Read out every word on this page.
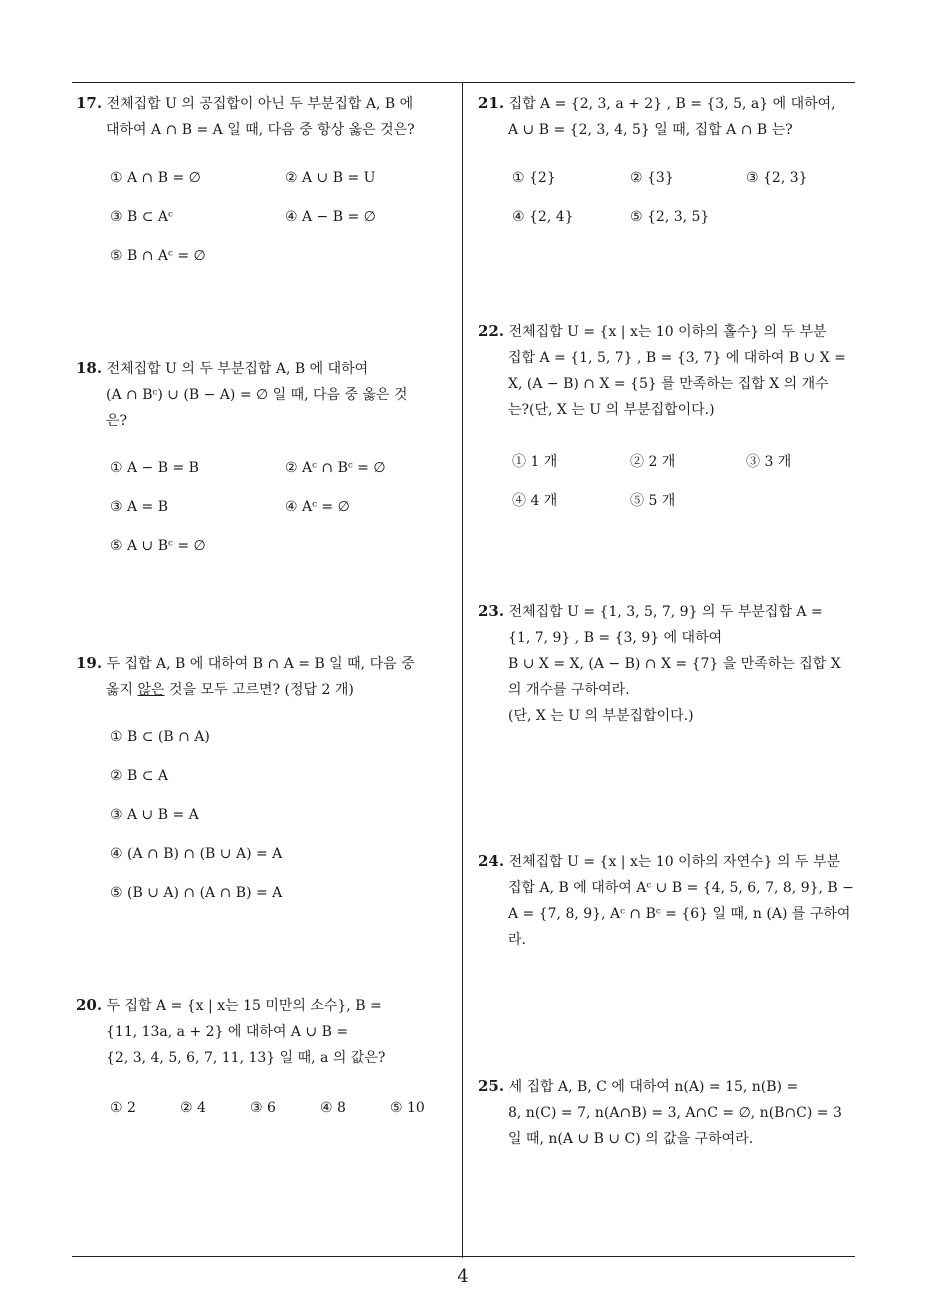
17. 전체집합 U 의 공집합이 아닌 두 부분집합 A, B 에
대하여 A ∩ B = A 일 때, 다음 중 항상 옳은 것은?
① A ∩ B = ∅	② A ∪ B = U
③ B ⊂ Aᶜ	④ A − B = ∅
⑤ B ∩ Aᶜ = ∅
18. 전체집합 U 의 두 부분집합 A, B 에 대하여
(A ∩ Bᶜ) ∪ (B − A) = ∅ 일 때, 다음 중 옳은 것
은?
① A − B = B	② Aᶜ ∩ Bᶜ = ∅
③ A = B	④ Aᶜ = ∅
⑤ A ∪ Bᶜ = ∅
19. 두 집합 A, B 에 대하여 B ∩ A = B 일 때, 다음 중
옳지 않은 것을 모두 고르면? (정답 2 개)
① B ⊂ (B ∩ A)
② B ⊂ A
③ A ∪ B = A
④ (A ∩ B) ∩ (B ∪ A) = A
⑤ (B ∪ A) ∩ (A ∩ B) = A
20. 두 집합 A = {x | x는 15 미만의 소수}, B =
{11, 13a, a + 2} 에 대하여 A ∪ B =
{2, 3, 4, 5, 6, 7, 11, 13} 일 때, a 의 값은?
① 2	② 4	③ 6	④ 8	⑤ 10
21. 집합 A = {2, 3, a + 2} , B = {3, 5, a} 에 대하여,
A ∪ B = {2, 3, 4, 5} 일 때, 집합 A ∩ B 는?
① {2}	② {3}	③ {2, 3}
④ {2, 4}	⑤ {2, 3, 5}
22. 전체집합 U = {x | x는 10 이하의 홀수} 의 두 부분
집합 A = {1, 5, 7} , B = {3, 7} 에 대하여 B ∪ X =
X, (A − B) ∩ X = {5} 를 만족하는 집합 X 의 개수
는?(단, X 는 U 의 부분집합이다.)
① 1 개	② 2 개	③ 3 개
④ 4 개	⑤ 5 개
23. 전체집합 U = {1, 3, 5, 7, 9} 의 두 부분집합 A =
{1, 7, 9} , B = {3, 9} 에 대하여
B ∪ X = X, (A − B) ∩ X = {7} 을 만족하는 집합 X
의 개수를 구하여라.
(단, X 는 U 의 부분집합이다.)
24. 전체집합 U = {x | x는 10 이하의 자연수} 의 두 부분
집합 A, B 에 대하여 Aᶜ ∪ B = {4, 5, 6, 7, 8, 9}, B −
A = {7, 8, 9}, Aᶜ ∩ Bᶜ = {6} 일 때, n (A) 를 구하여
라.
25. 세 집합 A, B, C 에 대하여 n(A) = 15, n(B) =
8, n(C) = 7, n(A∩B) = 3, A∩C = ∅, n(B∩C) = 3
일 때, n(A ∪ B ∪ C) 의 값을 구하여라.
4
